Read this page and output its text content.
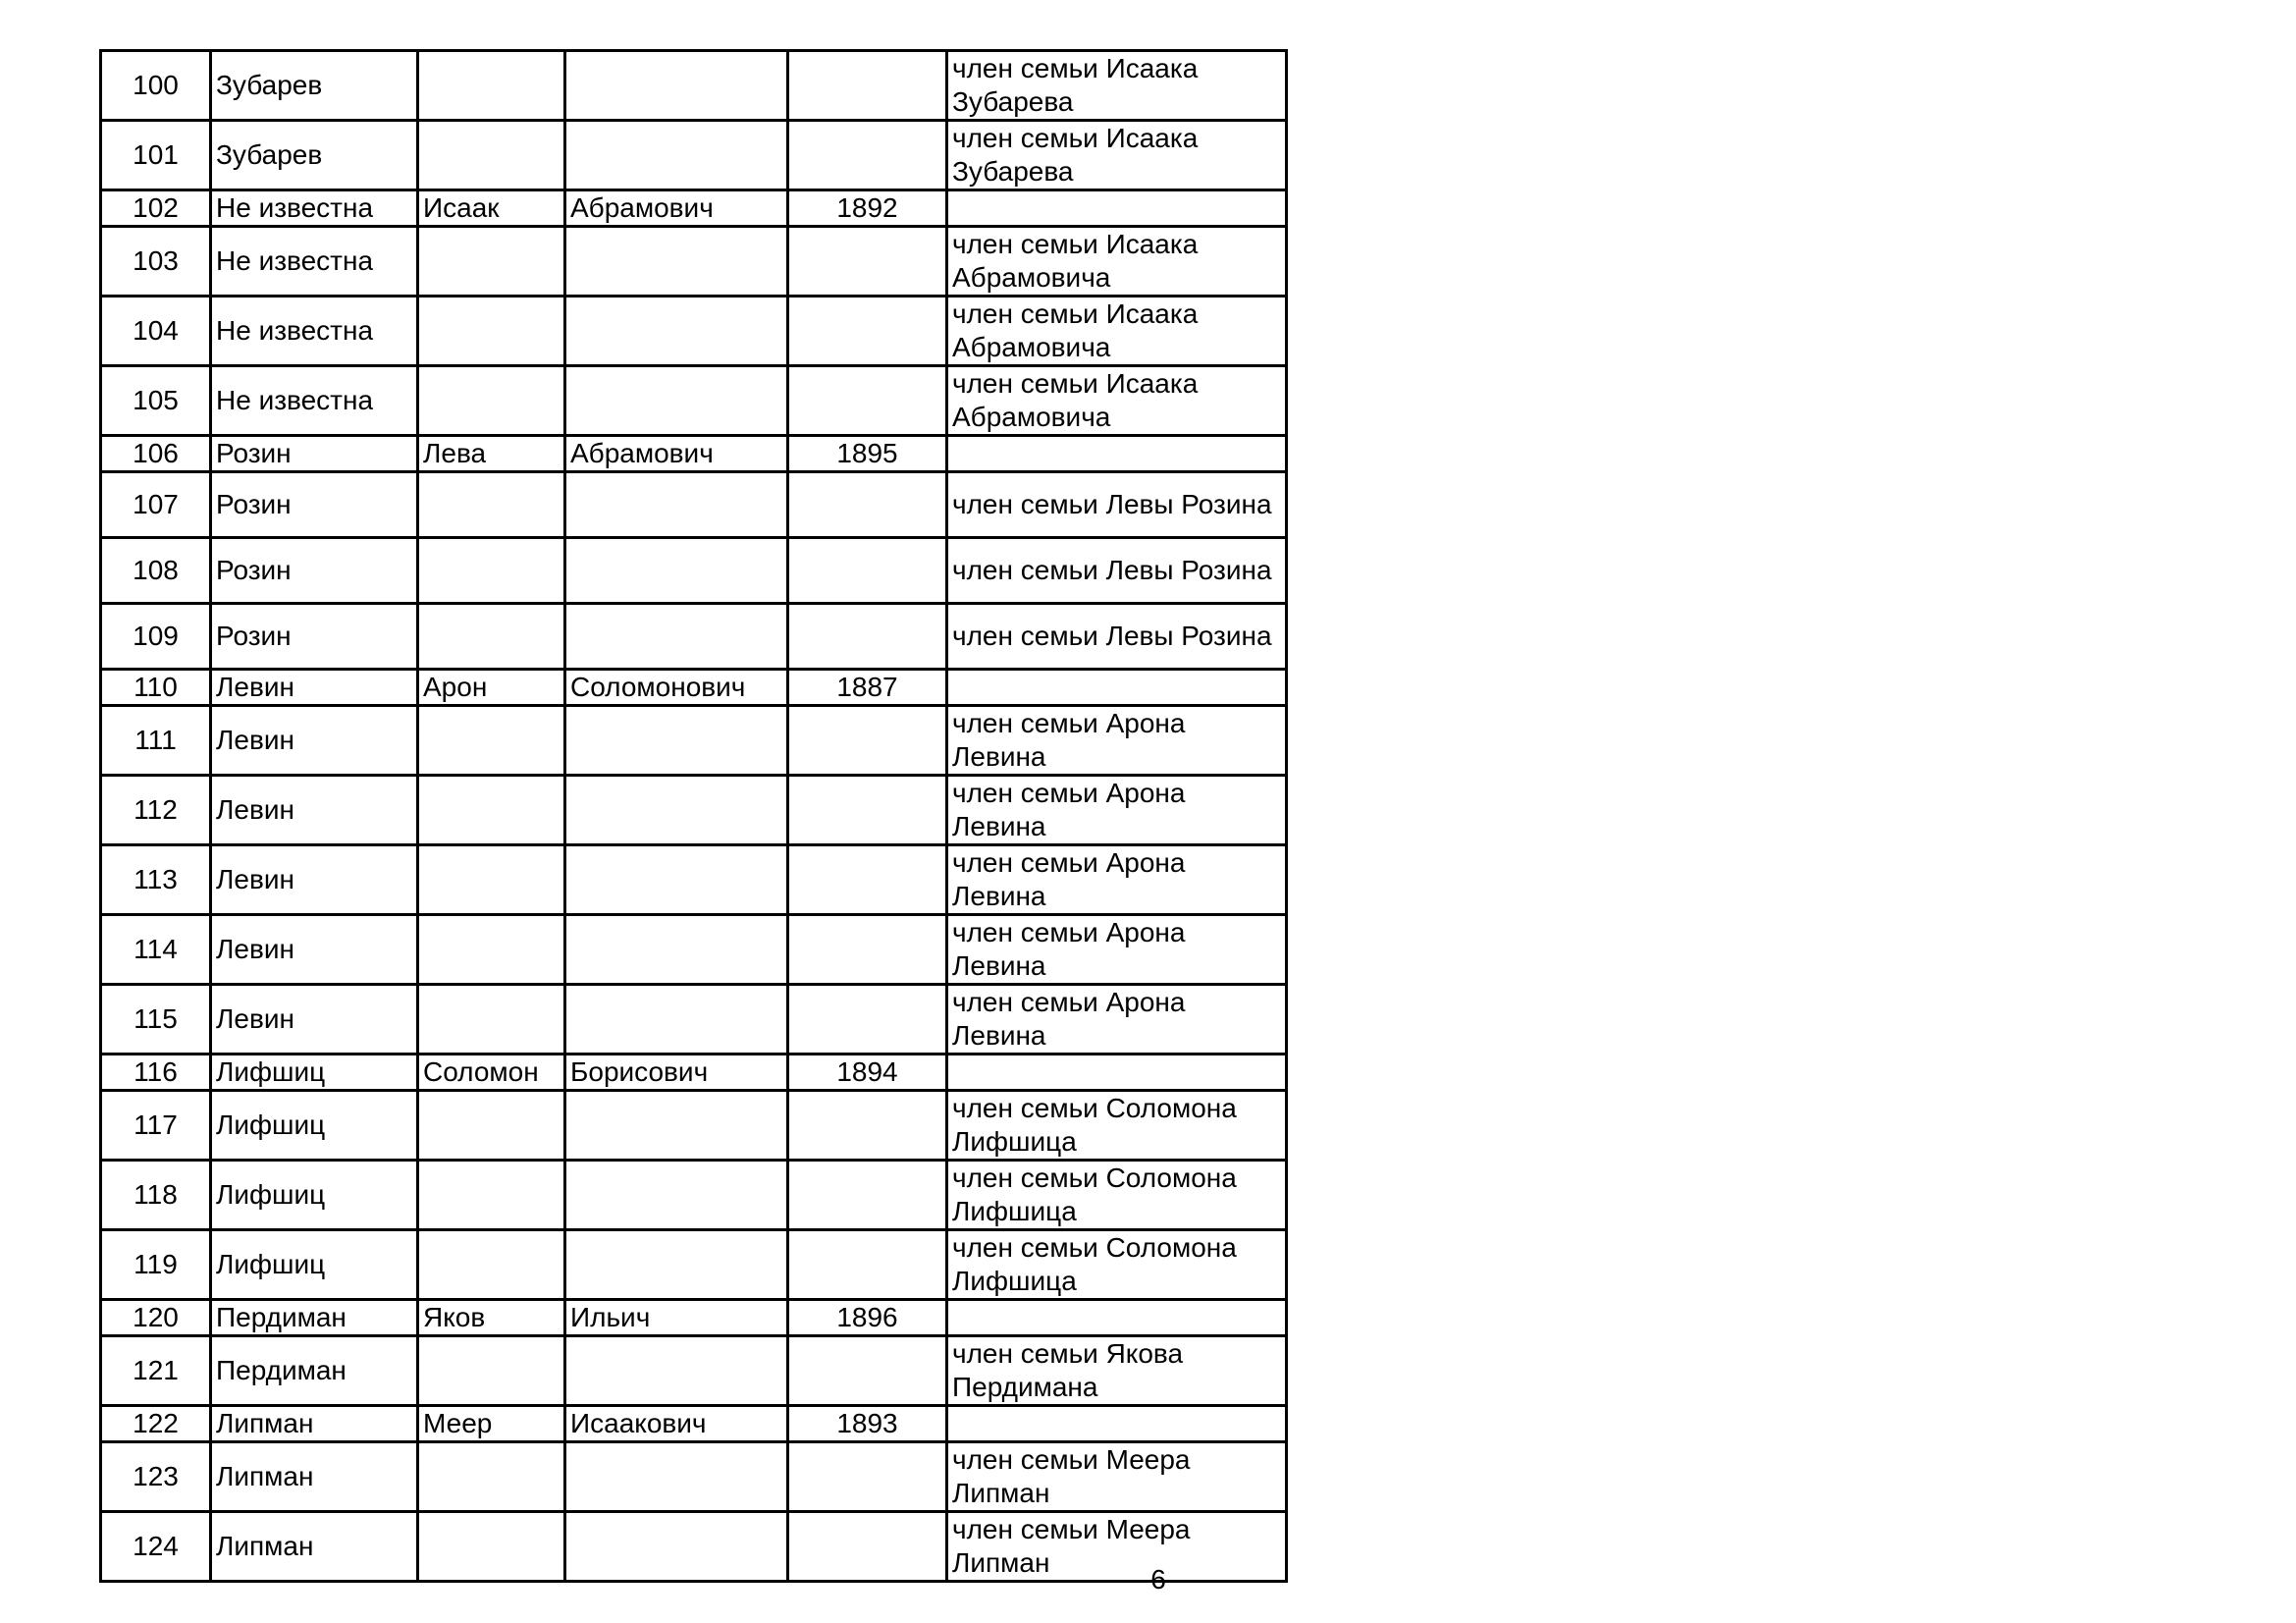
100	Зубарев				член семьи Исаака Зубарева
101	Зубарев				член семьи Исаака Зубарева
102	Не известна	Исаак	Абрамович	1892	
103	Не известна				член семьи Исаака Абрамовича
104	Не известна				член семьи Исаака Абрамовича
105	Не известна				член семьи Исаака Абрамовича
106	Розин	Лева	Абрамович	1895	
107	Розин				член семьи Левы Розина
108	Розин				член семьи Левы Розина
109	Розин				член семьи Левы Розина
110	Левин	Арон	Соломонович	1887	
111	Левин				член семьи Арона Левина
112	Левин				член семьи Арона Левина
113	Левин				член семьи Арона Левина
114	Левин				член семьи Арона Левина
115	Левин				член семьи Арона Левина
116	Лифшиц	Соломон	Борисович	1894	
117	Лифшиц				член семьи Соломона Лифшица
118	Лифшиц				член семьи Соломона Лифшица
119	Лифшиц				член семьи Соломона Лифшица
120	Пердиман	Яков	Ильич	1896	
121	Пердиман				член семьи Якова Пердимана
122	Липман	Меер	Исаакович	1893	
123	Липман				член семьи Меера Липман
124	Липман				член семьи Меера Липман
6
